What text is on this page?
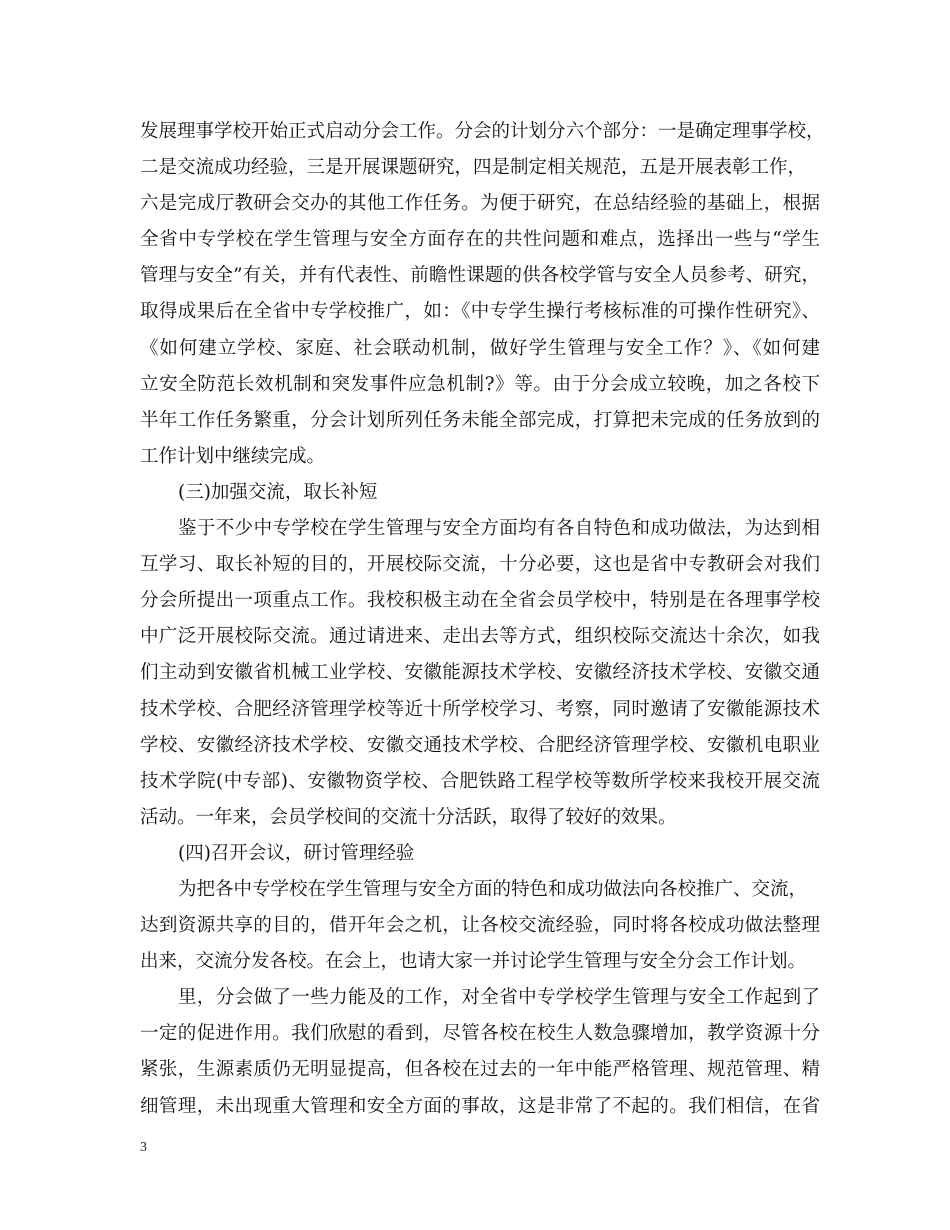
发展理事学校开始正式启动分会工作。分会的计划分六个部分：一是确定理事学校，
二是交流成功经验，三是开展课题研究，四是制定相关规范，五是开展表彰工作，
六是完成厅教研会交办的其他工作任务。为便于研究，在总结经验的基础上，根据
全省中专学校在学生管理与安全方面存在的共性问题和难点，选择出一些与“学生
管理与安全”有关，并有代表性、前瞻性课题的供各校学管与安全人员参考、研究，
取得成果后在全省中专学校推广，如：《中专学生操行考核标准的可操作性研究》、
《如何建立学校、家庭、社会联动机制，做好学生管理与安全工作？》、《如何建
立安全防范长效机制和突发事件应急机制?》等。由于分会成立较晚，加之各校下
半年工作任务繁重，分会计划所列任务未能全部完成，打算把未完成的任务放到的
工作计划中继续完成。
(三)加强交流，取长补短
鉴于不少中专学校在学生管理与安全方面均有各自特色和成功做法，为达到相
互学习、取长补短的目的，开展校际交流，十分必要，这也是省中专教研会对我们
分会所提出一项重点工作。我校积极主动在全省会员学校中，特别是在各理事学校
中广泛开展校际交流。通过请进来、走出去等方式，组织校际交流达十余次，如我
们主动到安徽省机械工业学校、安徽能源技术学校、安徽经济技术学校、安徽交通
技术学校、合肥经济管理学校等近十所学校学习、考察，同时邀请了安徽能源技术
学校、安徽经济技术学校、安徽交通技术学校、合肥经济管理学校、安徽机电职业
技术学院(中专部)、安徽物资学校、合肥铁路工程学校等数所学校来我校开展交流
活动。一年来，会员学校间的交流十分活跃，取得了较好的效果。
(四)召开会议，研讨管理经验
为把各中专学校在学生管理与安全方面的特色和成功做法向各校推广、交流，
达到资源共享的目的，借开年会之机，让各校交流经验，同时将各校成功做法整理
出来，交流分发各校。在会上，也请大家一并讨论学生管理与安全分会工作计划。
里，分会做了一些力能及的工作，对全省中专学校学生管理与安全工作起到了
一定的促进作用。我们欣慰的看到，尽管各校在校生人数急骤增加，教学资源十分
紧张，生源素质仍无明显提高，但各校在过去的一年中能严格管理、规范管理、精
细管理，未出现重大管理和安全方面的事故，这是非常了不起的。我们相信，在省
3
